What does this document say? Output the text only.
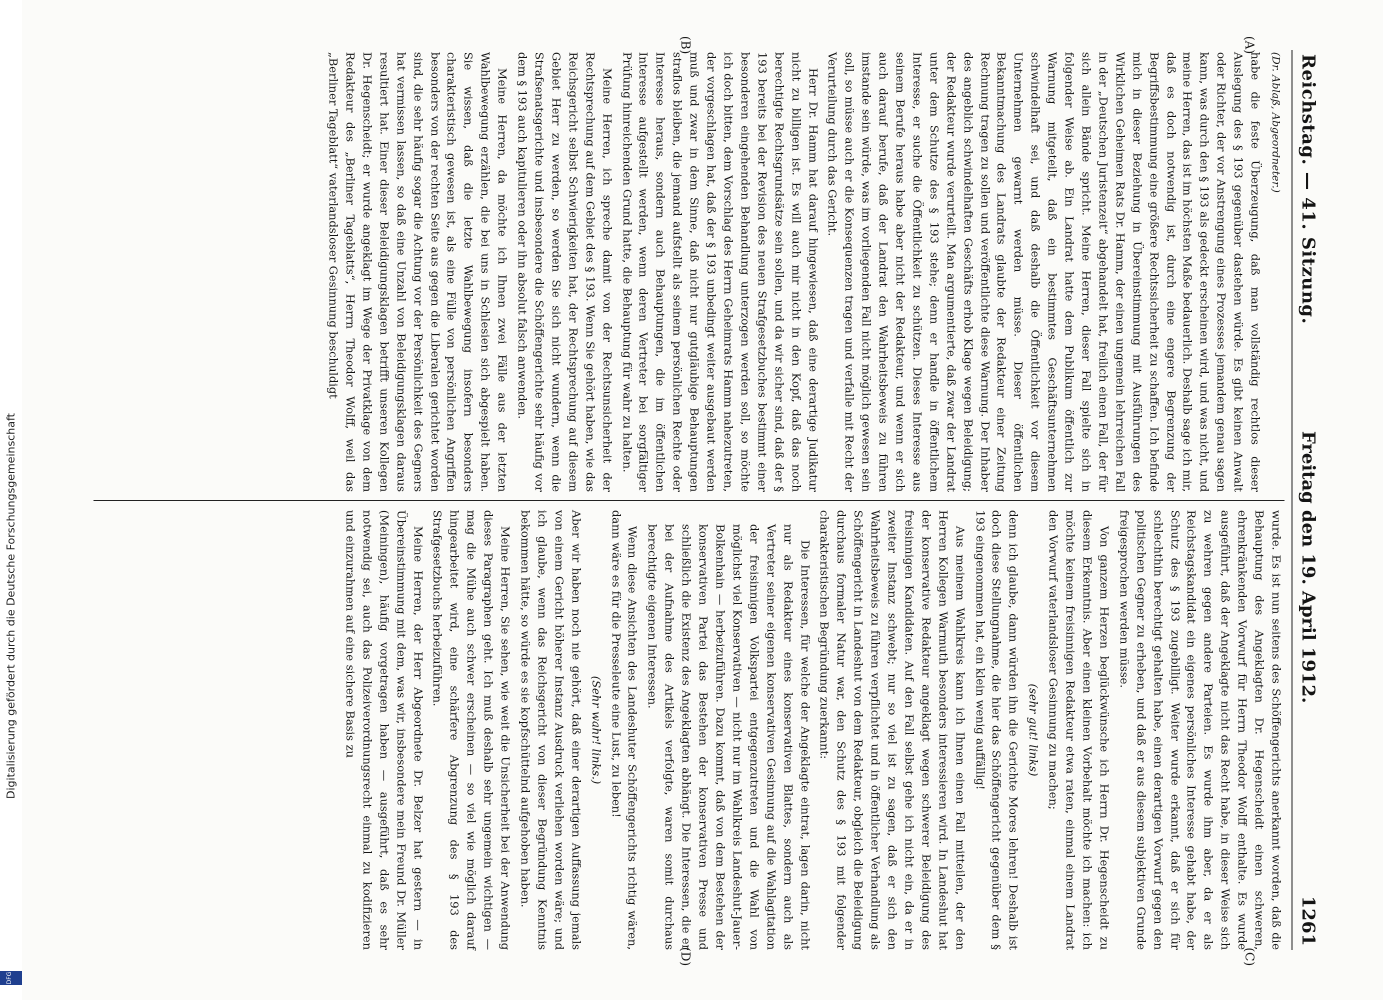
Digitalisierung gefördert durch die Deutsche Forschungsgemeinschaft
DFG
Reichstag. — 41. Sitzung.
Freitag den 19. April 1912.  1261
(A)
(B)
(C)
(D)

(Dr. Ablaß, Abgeordneter.)

habe die feste Überzeugung, daß man vollständig rechtlos dieser Auslegung des § 193 gegenüber dastehen würde. Es gibt keinen Anwalt oder Richter, der vor Anstrengung eines Prozesses jemandem genau sagen kann, was durch den § 193 als gedeckt erscheinen wird, und was nicht, und meine Herren, das ist im höchsten Maße bedauerlich. Deshalb sage ich mir, daß es doch notwendig ist, durch eine engere Begrenzung der Begriffsbestimmung eine größere Rechtssicherheit zu schaffen. Ich befinde mich in dieser Beziehung in Übereinstimmung mit Ausführungen des Wirklichen Geheimen Rats Dr. Hamm, der einen ungemein lehrreichen Fall in der „Deutschen Juristenzeit“ abgehandelt hat, freilich einen Fall, der für sich allein Bände spricht. Meine Herren, dieser Fall spielte sich in folgender Weise ab. Ein Landrat hatte dem Publikum öffentlich zur Warnung mitgeteilt, daß ein bestimmtes Geschäftsunternehmen schwindelhaft sei, und daß deshalb die Öffentlichkeit vor diesem Unternehmen gewarnt werden müsse. Dieser öffentlichen Bekanntmachung des Landrats glaubte der Redakteur einer Zeitung Rechnung tragen zu sollen und veröffentlichte diese Warnung. Der Inhaber des angeblich schwindelhaften Geschäfts erhob Klage wegen Beleidigung; der Redakteur wurde verurteilt. Man argumentierte, daß zwar der Landrat unter dem Schutze des § 193 stehe; denn er handle in öffentlichem Interesse, er suche die Öffentlichkeit zu schützen. Dieses Interesse aus seinem Berufe heraus habe aber nicht der Redakteur, und wenn er sich auch darauf berufe, daß der Landrat den Wahrheitsbeweis zu führen imstande sein würde, was im vorliegenden Fall nicht möglich gewesen sein soll, so müsse auch er die Konsequenzen tragen und verfalle mit Recht der Verurteilung durch das Gericht.

Herr Dr. Hamm hat darauf hingewiesen, daß eine derartige Judikatur nicht zu billigen ist. Es will auch mir nicht in den Kopf, daß das noch berechtigte Rechtsgrundsätze sein sollen, und da wir sicher sind, daß der § 193 bereits bei der Revision des neuen Strafgesetzbuches bestimmt einer besonderen eingehenden Behandlung unterzogen werden soll, so möchte ich doch bitten, dem Vorschlag des Herrn Geheimrats Hamm nahezutreten, der vorgeschlagen hat, daß der § 193 unbedingt weiter ausgebaut werden muß und zwar in dem Sinne, daß nicht nur gutgläubige Behauptungen straflos bleiben, die jemand aufstellt als seinem persönlichen Rechte oder Interesse heraus, sondern auch Behauptungen, die im öffentlichen Interesse aufgestellt werden, wenn deren Vertreter bei sorgfältiger Prüfung hinreichenden Grund hatte, die Behauptung für wahr zu halten.

Meine Herren, ich spreche damit von der Rechtsunsicherheit der Rechtsprechung auf dem Gebiet des § 193. Wenn Sie gehört haben, wie das Reichsgericht selbst Schwierigkeiten hat, der Rechtsprechung auf diesem Gebiet Herr zu werden, so werden Sie sich nicht wundern, wenn die Strafsenatsgerichte und insbesondere die Schöffengerichte sehr häufig vor dem § 193 auch kapitulieren oder ihn absolut falsch anwenden.

Meine Herren, da möchte ich Ihnen zwei Fälle aus der letzten Wahlbewegung erzählen, die bei uns in Schlesien sich abgespielt haben. Sie wissen, daß die letzte Wahlbewegung insofern besonders charakteristisch gewesen ist, als eine Fülle von persönlichen Angriffen besonders von der rechten Seite aus gegen die Liberalen gerichtet worden sind, die sehr häufig sogar die Achtung vor der Persönlichkeit des Gegners hat vermissen lassen, so daß eine Unzahl von Beleidigungsklagen daraus resultiert hat. Einer dieser Beleidigungsklagen betrifft unseren Kollegen Dr. Hegenscheidt; er wurde angeklagt im Wege der Privatklage von dem Redakteur des „Berliner Tageblatts“, Herrn Theodor Wolff, weil das „Berliner Tageblatt“ vaterlandsloser Gesinnung beschuldigt

wurde. Es ist nun seitens des Schöffengerichts anerkannt worden, daß die Behauptung des Angeklagten Dr. Hegenscheidt einen schweren, ehrenkränkenden Vorwurf für Herrn Theodor Wolff enthalte. Es wurde ausgeführt, daß der Angeklagte nicht das Recht habe, in dieser Weise sich zu wehren gegen andere Parteien. Es wurde ihm aber, da er als Reichstagskandidat ein eigenes persönliches Interesse gehabt habe, der Schutz des § 193 zugebilligt. Weiter wurde erkannt, daß er sich für schlechthin berechtigt gehalten habe, einen derartigen Vorwurf gegen den politischen Gegner zu erheben, und daß er aus diesem subjektiven Grunde freigesprochen werden müsse.

Von ganzem Herzen beglückwünsche ich Herrn Dr. Hegenscheidt zu diesem Erkenntnis. Aber einen kleinen Vorbehalt möchte ich machen: ich möchte keinem freisinnigen Redakteur etwa raten, einmal einem Landrat den Vorwurf vaterlandsloser Gesinnung zu machen;

(sehr gut! links)

denn ich glaube, dann würden ihn die Gerichte Mores lehren! Deshalb ist doch diese Stellungnahme, die hier das Schöffengericht gegenüber dem § 193 eingenommen hat, ein klein wenig auffällig!

Aus meinem Wahlkreis kann ich Ihnen einen Fall mitteilen, der den Herren Kollegen Warmuth besonders interessieren wird. In Landeshut hat der konservative Redakteur angeklagt wegen schwerer Beleidigung des freisinnigen Kandidaten. Auf den Fall selbst gehe ich nicht ein, da er in zweiter Instanz schwebt; nur so viel ist zu sagen, daß er sich den Wahrheitsbeweis zu führen verpflichtet und in öffentlicher Verhandlung als Schöffengericht in Landeshut von dem Redakteur, obgleich die Beleidigung durchaus formaler Natur war, den Schutz des § 193 mit folgender charakteristischen Begründung zuerkannt:

Die Interessen, für welche der Angeklagte eintrat, lagen darin, nicht nur als Redakteur eines konservativen Blattes, sondern auch als Vertreter seiner eigenen konservativen Gesinnung auf die Wahlagitation der freisinnigen Volkspartei entgegenzutreten und die Wahl von möglichst viel Konservativen — nicht nur im Wahlkreis Landeshut-Jauer-Bolkenhain — herbeizuführen. Dazu kommt, daß von dem Bestehen der konservativen Partei das Bestehen der konservativen Presse und schließlich die Existenz des Angeklagten abhängt. Die Interessen, die er bei der Aufnahme des Artikels verfolgte, waren somit durchaus berechtigte eigenen Interessen.

Wenn diese Ansichten des Landeshuter Schöffengerichts richtig wären, dann wäre es für die Presseleute eine Lust, zu leben!

(Sehr wahr! links.)

Aber wir haben noch nie gehört, daß einer derartigen Auffassung jemals von einem Gericht höherer Instanz Ausdruck verliehen worden wäre; und ich glaube, wenn das Reichsgericht von dieser Begründung Kenntnis bekommen hätte, so würde es sie kopfschüttelnd aufgehoben haben.

Meine Herren, Sie sehen, wie weit die Unsicherheit bei der Anwendung dieses Paragraphen geht. Ich muß deshalb sehr ungemein wichtigen — mag die Mühe auch schwer erscheinen — so viel wie möglich darauf hingearbeitet wird, eine schärfere Abgrenzung des § 193 des Strafgesetzbuchs herbeizuführen.

Meine Herren, der Herr Abgeordnete Dr. Belzer hat gestern — in Übereinstimmung mit dem, was wir, insbesondere mein Freund Dr. Müller (Meiningen), häufig vorgetragen haben — ausgeführt, daß es sehr notwendig sei, auch das Polizeiverordnungsrecht einmal zu kodifizieren und einzurahmen auf eine sichere Basis zu
